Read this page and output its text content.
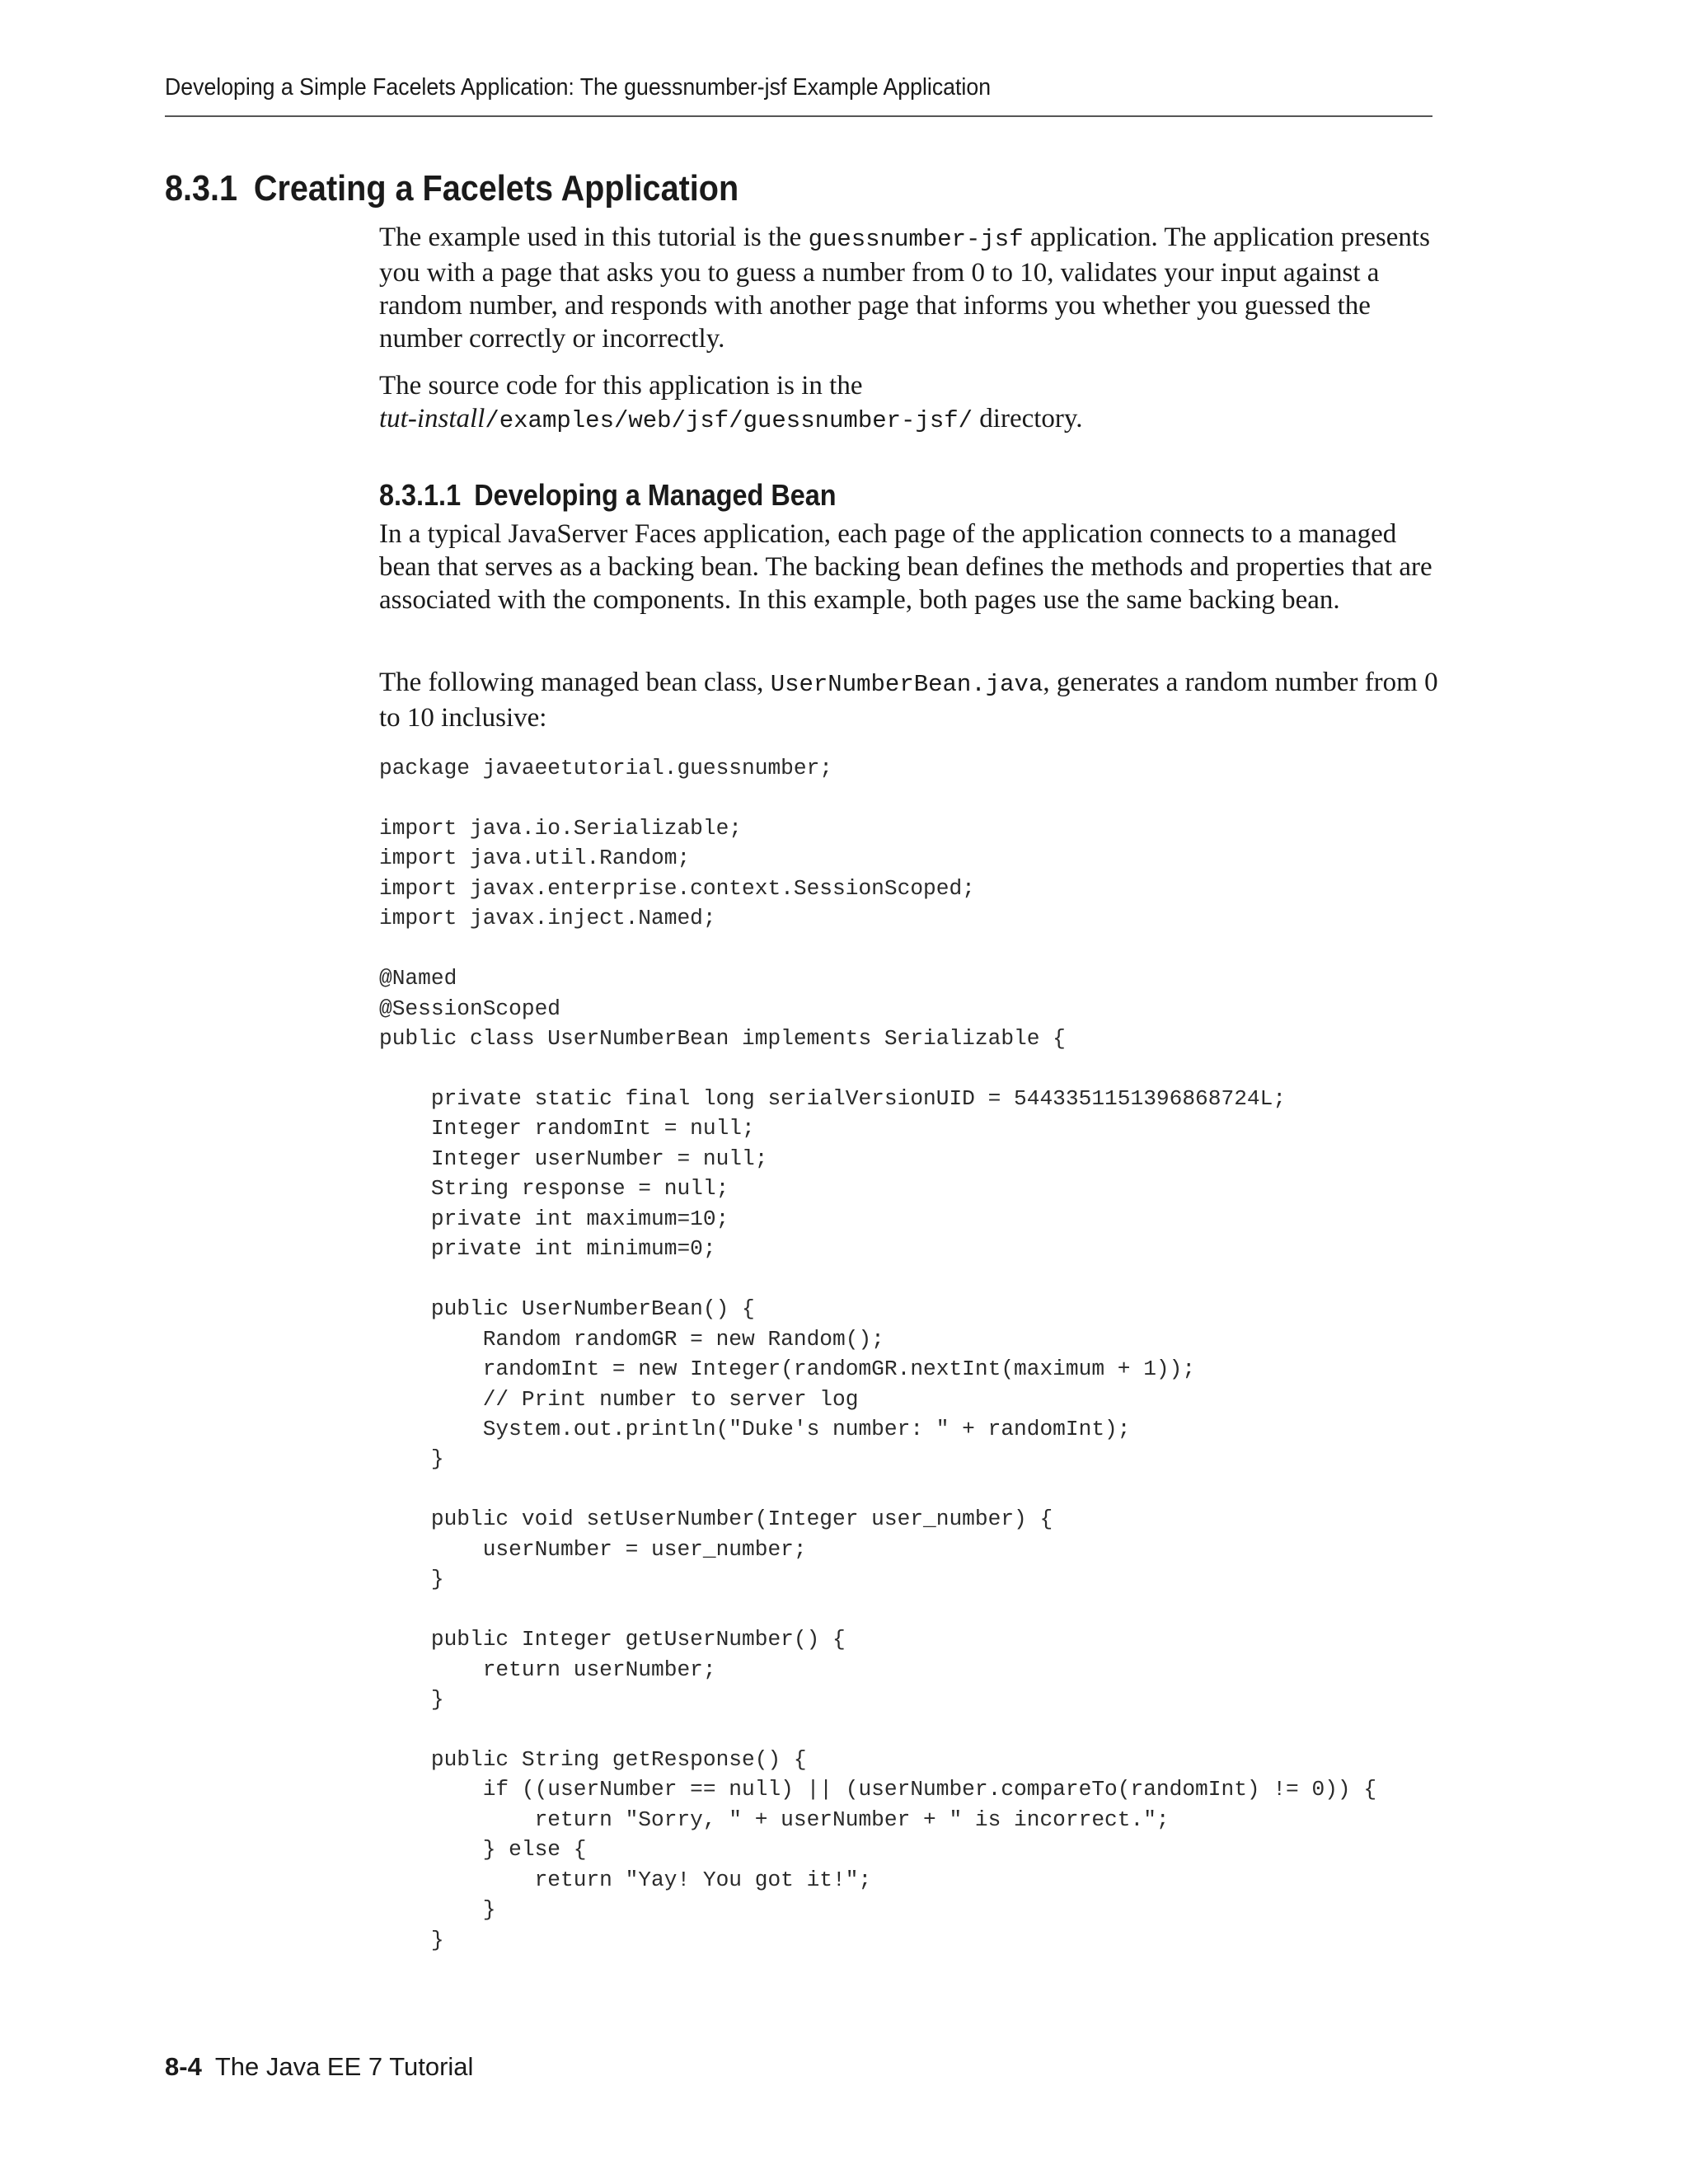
Developing a Simple Facelets Application: The guessnumber-jsf Example Application
8.3.1 Creating a Facelets Application

The example used in this tutorial is the guessnumber-jsf application. The application presents you with a page that asks you to guess a number from 0 to 10, validates your input against a random number, and responds with another page that informs you whether you guessed the number correctly or incorrectly.

The source code for this application is in the
tut-install/examples/web/jsf/guessnumber-jsf/ directory.

8.3.1.1 Developing a Managed Bean

In a typical JavaServer Faces application, each page of the application connects to a managed bean that serves as a backing bean. The backing bean defines the methods and properties that are associated with the components. In this example, both pages use the same backing bean.

The following managed bean class, UserNumberBean.java, generates a random number from 0 to 10 inclusive:

package javaeetutorial.guessnumber;

import java.io.Serializable;
import java.util.Random;
import javax.enterprise.context.SessionScoped;
import javax.inject.Named;

@Named
@SessionScoped
public class UserNumberBean implements Serializable {

private static final long serialVersionUID = 5443351151396868724L;
Integer randomInt = null;
Integer userNumber = null;
String response = null;
private int maximum=10;
private int minimum=0;

public UserNumberBean() {
Random randomGR = new Random();
randomInt = new Integer(randomGR.nextInt(maximum + 1));
// Print number to server log
System.out.println("Duke's number: " + randomInt);
}

public void setUserNumber(Integer user_number) {
userNumber = user_number;
}

public Integer getUserNumber() {
return userNumber;
}

public String getResponse() {
if ((userNumber == null) || (userNumber.compareTo(randomInt) != 0)) {
return "Sorry, " + userNumber + " is incorrect.";
} else {
return "Yay! You got it!";
}
}
8-4 The Java EE 7 Tutorial
